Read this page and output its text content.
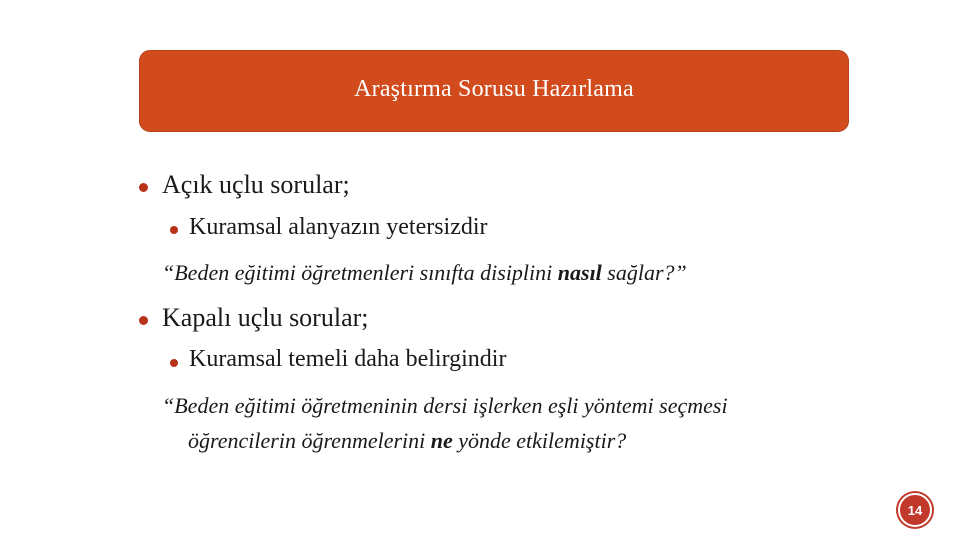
Araştırma Sorusu Hazırlama
Açık uçlu sorular;
Kuramsal alanyazın yetersizdir
“Beden eğitimi öğretmenleri sınıfta disiplini nasıl sağlar?”
Kapalı uçlu sorular;
Kuramsal temeli daha belirgindir
“Beden eğitimi öğretmeninin dersi işlerken eşli yöntemi seçmesi
öğrencilerin öğrenmelerini ne yönde etkilemiştir?
14
